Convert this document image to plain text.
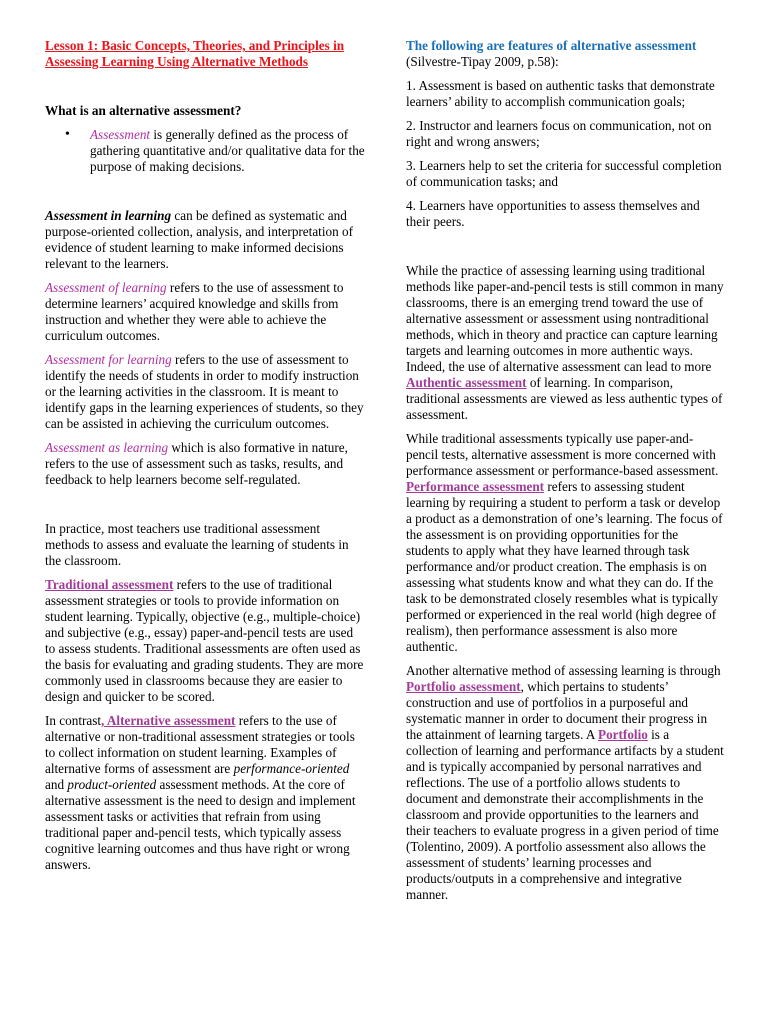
Lesson 1: Basic Concepts, Theories, and Principles in Assessing Learning Using Alternative Methods

What is an alternative assessment?

• Assessment is generally defined as the process of gathering quantitative and/or qualitative data for the purpose of making decisions.

Assessment in learning can be defined as systematic and purpose-oriented collection, analysis, and interpretation of evidence of student learning to make informed decisions relevant to the learners.

Assessment of learning refers to the use of assessment to determine learners’ acquired knowledge and skills from instruction and whether they were able to achieve the curriculum outcomes.

Assessment for learning refers to the use of assessment to identify the needs of students in order to modify instruction or the learning activities in the classroom. It is meant to identify gaps in the learning experiences of students, so they can be assisted in achieving the curriculum outcomes.

Assessment as learning which is also formative in nature, refers to the use of assessment such as tasks, results, and feedback to help learners become self-regulated.

In practice, most teachers use traditional assessment methods to assess and evaluate the learning of students in the classroom.

Traditional assessment refers to the use of traditional assessment strategies or tools to provide information on student learning. Typically, objective (e.g., multiple-choice) and subjective (e.g., essay) paper-and-pencil tests are used to assess students. Traditional assessments are often used as the basis for evaluating and grading students. They are more commonly used in classrooms because they are easier to design and quicker to be scored.

In contrast, Alternative assessment refers to the use of alternative or non-traditional assessment strategies or tools to collect information on student learning. Examples of alternative forms of assessment are performance-oriented and product-oriented assessment methods. At the core of alternative assessment is the need to design and implement assessment tasks or activities that refrain from using traditional paper and-pencil tests, which typically assess cognitive learning outcomes and thus have right or wrong answers.

The following are features of alternative assessment

(Silvestre-Tipay 2009, p.58):

1. Assessment is based on authentic tasks that demonstrate learners’ ability to accomplish communication goals;

2. Instructor and learners focus on communication, not on right and wrong answers;

3. Learners help to set the criteria for successful completion of communication tasks; and

4. Learners have opportunities to assess themselves and their peers.

While the practice of assessing learning using traditional methods like paper-and-pencil tests is still common in many classrooms, there is an emerging trend toward the use of alternative assessment or assessment using nontraditional methods, which in theory and practice can capture learning targets and learning outcomes in more authentic ways. Indeed, the use of alternative assessment can lead to more Authentic assessment of learning. In comparison, traditional assessments are viewed as less authentic types of assessment.

While traditional assessments typically use paper-and-pencil tests, alternative assessment is more concerned with performance assessment or performance-based assessment. Performance assessment refers to assessing student learning by requiring a student to perform a task or develop a product as a demonstration of one’s learning. The focus of the assessment is on providing opportunities for the students to apply what they have learned through task performance and/or product creation. The emphasis is on assessing what students know and what they can do. If the task to be demonstrated closely resembles what is typically performed or experienced in the real world (high degree of realism), then performance assessment is also more authentic.

Another alternative method of assessing learning is through Portfolio assessment, which pertains to students’ construction and use of portfolios in a purposeful and systematic manner in order to document their progress in the attainment of learning targets. A Portfolio is a collection of learning and performance artifacts by a student and is typically accompanied by personal narratives and reflections. The use of a portfolio allows students to document and demonstrate their accomplishments in the classroom and provide opportunities to the learners and their teachers to evaluate progress in a given period of time (Tolentino, 2009). A portfolio assessment also allows the assessment of students’ learning processes and products/outputs in a comprehensive and integrative manner.
